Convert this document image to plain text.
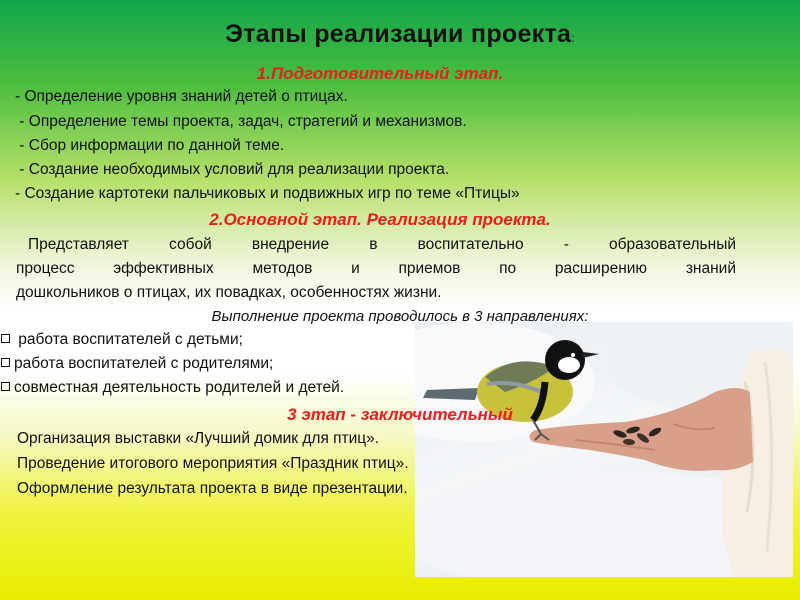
Этапы реализации проекта:
1.Подготовительный этап.
- Определение уровня знаний детей о птицах.
- Определение темы проекта, задач, стратегий и механизмов.
- Сбор информации по данной теме.
- Создание необходимых условий для реализации проекта.
- Создание картотеки пальчиковых и подвижных игр по теме «Птицы»
2.Основной этап. Реализация проекта.
Представляет собой внедрение в воспитательно - образовательный
процесс эффективных методов и приемов по расширению знаний
дошкольников о птицах, их повадках, особенностях жизни.
Выполнение проекта проводилось в 3 направлениях:
работа воспитателей с детьми;
работа воспитателей с родителями;
совместная деятельность родителей и детей.
3 этап - заключительный
Организация выставки «Лучший домик для птиц».
Проведение итогового мероприятия «Праздник птиц».
Оформление результата проекта в виде презентации.
